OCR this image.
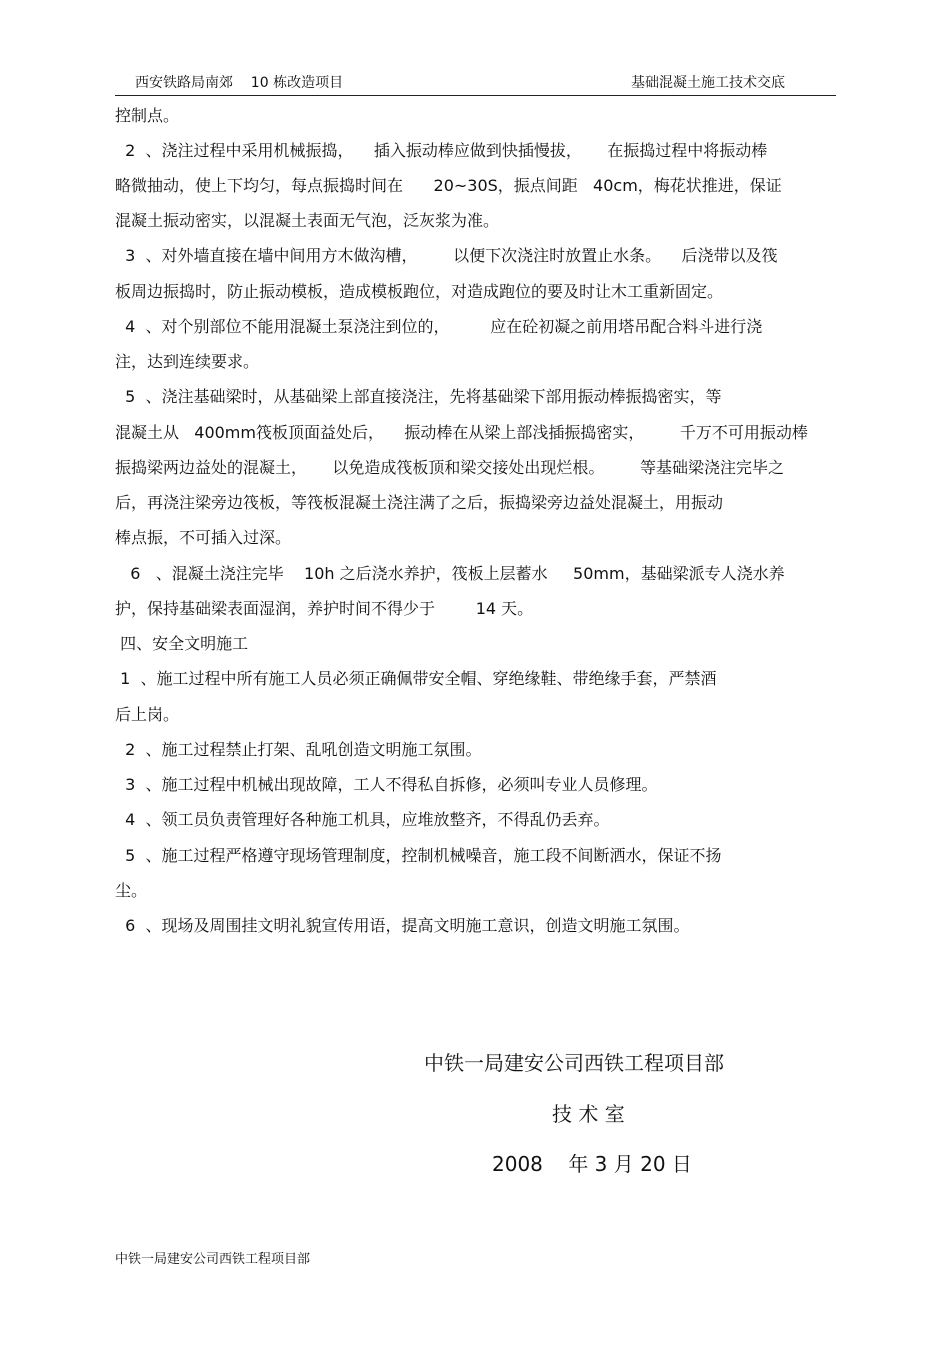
西安铁路局南郊    10 栋改造项目	基础混凝土施工技术交底
控制点。
2  、浇注过程中采用机械振捣，    插入振动棒应做到快插慢拔，     在振捣过程中将振动棒
略微抽动，使上下均匀，每点振捣时间在      20~30S，振点间距   40cm，梅花状推进，保证
混凝土振动密实，以混凝土表面无气泡，泛灰浆为准。
3  、对外墙直接在墙中间用方木做沟槽，       以便下次浇注时放置止水条。    后浇带以及筏
板周边振捣时，防止振动模板，造成模板跑位，对造成跑位的要及时让木工重新固定。
4  、对个别部位不能用混凝土泵浇注到位的，        应在砼初凝之前用塔吊配合料斗进行浇
注，达到连续要求。
5  、浇注基础梁时，从基础梁上部直接浇注，先将基础梁下部用振动棒振捣密实，等
混凝土从   400mm筏板顶面益处后，    振动棒在从梁上部浅插振捣密实，       千万不可用振动棒
振捣梁两边益处的混凝土，     以免造成筏板顶和梁交接处出现烂根。       等基础梁浇注完毕之
后，再浇注梁旁边筏板，等筏板混凝土浇注满了之后，振捣梁旁边益处混凝土，用振动
棒点振，不可插入过深。
6   、混凝土浇注完毕    10h 之后浇水养护，筏板上层蓄水     50mm，基础梁派专人浇水养
护，保持基础梁表面湿润，养护时间不得少于        14 天。
四、安全文明施工
1  、施工过程中所有施工人员必须正确佩带安全帽、穿绝缘鞋、带绝缘手套，严禁酒
后上岗。
2  、施工过程禁止打架、乱吼创造文明施工氛围。
3  、施工过程中机械出现故障，工人不得私自拆修，必须叫专业人员修理。
4  、领工员负责管理好各种施工机具，应堆放整齐，不得乱仍丢弃。
5  、施工过程严格遵守现场管理制度，控制机械噪音，施工段不间断洒水，保证不扬
尘。
6  、现场及周围挂文明礼貌宣传用语，提高文明施工意识，创造文明施工氛围。
中铁一局建安公司西铁工程项目部
技 术 室
2008    年 3 月 20 日
中铁一局建安公司西铁工程项目部
